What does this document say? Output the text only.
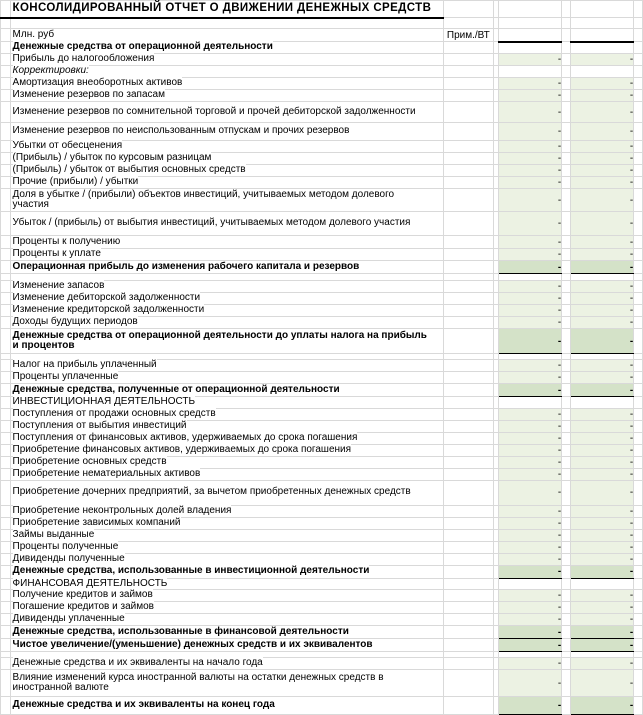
	КОНСОЛИДИРОВАННЫЙ ОТЧЕТ О ДВИЖЕНИИ ДЕНЕЖНЫХ СРЕДСТВ						

	Млн. руб	Прим./ВТ					

	Денежные средства от операционной деятельности						

	Прибыль до налогообложения			-		-	

	Корректировки:						

	Амортизация внеоборотных активов			-		-	

	Изменение резервов по запасам			-		-	

	Изменение резервов по сомнительной торговой и прочей дебиторской задолженности			-		-	

	Изменение резервов по неиспользованным отпускам и прочих резервов			-		-	

	Убытки от обесценения			-		-	

	(Прибыль) / убыток по курсовым разницам			-		-	

	(Прибыль) / убыток от выбытия основных средств			-		-	

	Прочие (прибыли) / убытки			-		-	

	Доля в убытке / (прибыли) объектов инвестиций, учитываемых методом долевого участия			-		-	

	Убыток / (прибыль) от выбытия инвестиций, учитываемых методом долевого участия			-		-	

	Проценты к получению			-		-	

	Проценты к уплате			-		-	

	Операционная прибыль до изменения рабочего капитала и резервов			-		-	

	Изменение запасов			-		-	

	Изменение дебиторской задолженности			-		-	

	Изменение кредиторской задолженности			-		-	

	Доходы будущих периодов			-		-	

	Денежные средства от операционной деятельности до уплаты налога на прибыль и процентов			-		-	

	Налог на прибыль уплаченный			-		-	

	Проценты уплаченные			-		-	

	Денежные средства, полученные от операционной деятельности			-		-	

	ИНВЕСТИЦИОННАЯ ДЕЯТЕЛЬНОСТЬ						

	Поступления от продажи основных средств			-		-	

	Поступления от выбытия инвестиций			-		-	

	Поступления от финансовых активов, удерживаемых до срока погашения			-		-	

	Приобретение финансовых активов, удерживаемых до срока погашения			-		-	

	Приобретение основных средств			-		-	

	Приобретение нематериальных активов			-		-	

	Приобретение дочерних предприятий, за вычетом приобретенных денежных средств			-		-	

	Приобретение неконтрольных долей владения			-		-	

	Приобретение зависимых компаний			-		-	

	Займы выданные			-		-	

	Проценты полученные			-		-	

	Дивиденды полученные			-		-	

	Денежные средства, использованные в инвестиционной деятельности			-		-	

	ФИНАНСОВАЯ ДЕЯТЕЛЬНОСТЬ						

	Получение кредитов и займов			-		-	

	Погашение кредитов и займов			-		-	

	Дивиденды уплаченные			-		-	

	Денежные средства, использованные в финансовой деятельности			-		-	

	Чистое увеличение/(уменьшение) денежных средств и их эквивалентов			-		-	

	Денежные средства и их эквиваленты на начало года			-		-	

	Влияние изменений курса иностранной валюты на остатки денежных средств в иностранной валюте			-		-	

	Денежные средства и их эквиваленты на конец года			-		-	
